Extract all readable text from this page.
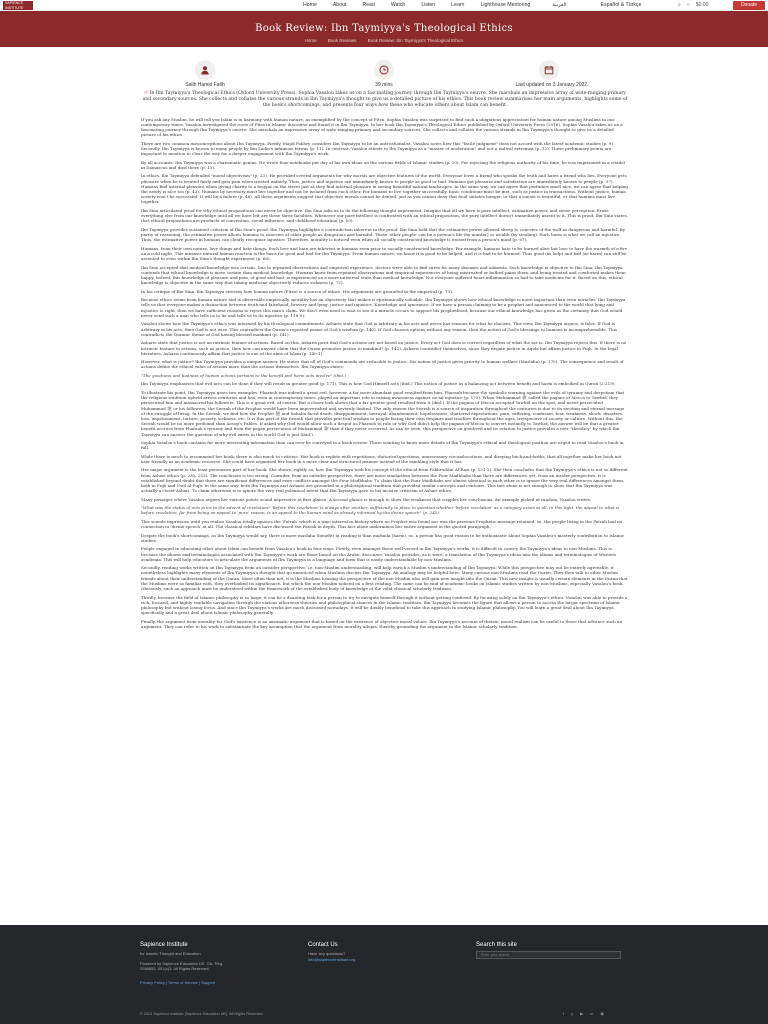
SAPIENCE
INSTITUTE	Home	About	Read	Watch	Listen	Learn	Lighthouse Mentoring	العربية	Español & Türkçe	⌕ ○ $0.00	Donate
Book Review: Ibn Taymiyya's Theological Ethics
Home	Book Reviews	Book Review: Ibn Taymiyya's Theological Ethics
Salih Hamid Fatih	39 mins	Last updated on 3 January 2022.

☉ In Ibn Taymiyya's Theological Ethics (Oxford University Press), Sophia Vasalou takes us on a fascinating journey through Ibn Taymiyya's oeuvre. She marshals an impressive array of wide-ranging primary and secondary sources. She collects and collates the various strands in Ibn Taymiyya's thought to give us a detailed picture of his ethics. This book review summarises her main arguments, highlights some of the book's shortcomings, and presents four ways how these who educate others about Islam can benefit.

If you ask any Muslim, he will tell you Islam is in harmony with human nature, as exemplified by the concept of Fitra. Sophia Vasalou was surprised to find such a ubiquitous appreciation for human nature among Muslims in our contemporary times. Vasalou investigated the roots of Fitra in Islamic discourse and found it in Ibn Taymiyya. In her book Ibn Taymiyya's Theological Ethics published by Oxford University Press (2016), Sophia Vasalou takes us on a fascinating journey through Ibn Taymiyya's oeuvre. She marshals an impressive array of wide-ranging primary and secondary sources. She collects and collates the various strands in Ibn Taymiyya's thought to give us a detailed picture of his ethics.

There are two common misconceptions about Ibn Taymiyya. Firstly, Majid Fakhry considers Ibn Taymiyya to be an anti-rationalist. Vasalou notes how this "facile judgment" does not accord with the latest academic studies (p. 9). Secondly, Ibn Taymiyya is known to many people by Bin Ladin's infamous fatwas (p. 11). In contrast, Vasalou attests to Ibn Taymiyya as a "master of moderation" and not a radical extremist (p. 12). These preliminary points are important to mention to clear the way for a deeper engagement with Ibn Taymiyya's work.

By all accounts, Ibn Taymiyya was a charismatic genius. He wrote four notebooks per day of his own ideas on the various fields of Islamic studies (p. 10). For rejecting the religious authority of his time, he was imprisoned in a citadel in Damascus and died there (p. 11).

In ethics, Ibn Taymiyya defended "moral objectivism" (p. 23). He provided several arguments for why morals are objective features of the world. Everyone loves a friend who speaks the truth and hates a friend who lies. Everyone gets pleasure when he is treated fairly and gets pain when treated unfairly. Thus, justice and injustice are immediately known to people as good or bad. Humans get pleasure and satisfaction are immediately known to people (p. 37). Humans find internal pleasure when giving charity to a beggar on the street just as they find internal pleasure in seeing beautiful natural landscapes. In the same way, we can agree that perfumes smell nice, we can agree that helping the needy is nice too (p. 43). Humans by necessity must live together and not be isolated from each other. For humans to live together successfully, basic conditions must be met, such as justice in transactions. Without justice, human society won't be successful. It will be a failure (p. 46). All these arguments suggest that objective morals cannot be denied, just as you cannot deny that food satiates hunger, or that a sunset is beautiful, or that humans must live together.

Ibn Sina articulated proof for why ethical propositions can never be objective. Ibn Sina asks us to do the following thought experiment. Imagine that all we have is pure intellect, estimative power, and sense perception. Erase everything else from our knowledge until all we have left are these three faculties. Whenever our pure intellect is confronted with an ethical proposition, the pure intellect doesn't immediately assent to it. This is proof, Ibn Sina states, that ethical propositions are products of convention, social influence, and childhood education (p. 59).

Ibn Taymiyya provides sustained criticism of Ibn Sina's proof. Ibn Taymiyya highlights a contradiction inherent in the proof. Ibn Sina held that the estimative power allowed sheep to conceive of the wolf as dangerous and harmful. By parity of reasoning, the estimative power allows humans to conceive of other people as dangerous and harmful. These 'other people' can be a person's life (by murder) or wealth (by stealing). Such harm is what we call an injustice. Thus, the estimative power in humans can clearly recognise injustice. Therefore, morality is noticed even when all socially constructed knowledge is erased from a person's mind (p. 67).

Humans, from their own nature, love things and hate things. Such love and hate are inherent in humans even prior to socially constructed knowledge. For example, humans hate to be burned alive but love to have the warmth of a fire on a cold night. This intrinsic natural human reaction is the basis for good and bad for Ibn Taymiyya. From human nature, we know it is good to be helped, and it is bad to be harmed. Thus good (as help) and bad (as harm) can still be assented to even within Ibn Sina's thought experiment (p. 68).

Ibn Sina accepted that medical knowledge was certain. Due to repeated observations and empirical experience, doctors were able to find cures for many diseases and ailments. Such knowledge is objective to Ibn Sina. Ibn Taymiyya contends that ethical knowledge is more certain than medical knowledge. Humans know from repeated observations and empirical experiences of being mistreated or bullied pains them, and being treated and comforted makes them happy. Indeed, this knowledge of pleasure and pain, of good and bad, is experienced on a more universal scale than medical knowledge. Not everyone suffered heart inflammation so had to take medicine for it. Based on this, ethical knowledge is objective in the same way that taking medicine objectively reduces sickness (p. 72).

In his critique of Ibn Sina, Ibn Taymiyya stresses how human nature (Fitra) is a source of ethics. His arguments are grounded in the empirical (p. 73).

Because ethics stems from human nature and is observable empirically, morality has an objectivity that makes it epistemically valuable. Ibn Taymiyya shows how ethical knowledge is more important than even miracles. Ibn Taymiyya tells us that everyone makes a distinction between truth and falsehood, bravery and lying, justice and injustice. Knowledge and ignorance. If we have a person claiming to be a prophet and announced to the world that lying and injustice is right, then we have sufficient reasons to reject this man's claim. We don't even need to wait to see if a miracle occurs to support his prophethood, because our ethical knowledge has given us the certainty that God would never send such a man who tells us to lie and tells us to do injustice (p. 118-9).

Vasalou shows how Ibn Taymiyya's ethics was informed by his theological commitments. Asharis state that God is arbitrary in his acts and never has reasons for what he chooses. This view, Ibn Taymiyya argues, is false. If God is arbitrary in his acts, then God is not wise. This contradicts the Quran's repeated praise of God's wisdom (p. 140). If God chooses options without any reason, then the notion of God's blessings to humans is incomprehensible. This contradicts the Quranic theme of God having blessed mankind (p. 141).

Asharis state that justice is not an intrinsic feature of actions. Based on this, Asharis posit that God's actions are not based on justice. Every act God does is correct regardless of what the act is. Ibn Taymiyya rejects this. If there is no intrinsic feature to actions, such as justice, then how can anyone claim that the Quran promotes justice to mankind? (p. 142). Asharis contradict themselves, since they negate justice in Aqida but affirm justice in Fiqh. In the legal literature, Asharis continuously affirm that justice is one of the aims of Islam (p. 140-1).

However, what is justice? Ibn Taymiyya provides a unique answer. He states that all of God's commands are reducible to justice. His notion of justice gives priority to human welfare (Maslaha) (p. 170). The consequence and result of actions define the ethical value of actions more than the actions themselves. Ibn Taymiyya states:

"The goodness and badness of human actions pertains to the benefit and harm acts involve" (ibid.)

Ibn Taymiyya emphasises that evil acts can be done if they will result in greater good (p. 171). This is how God Himself acts (ibid.) This notion of justice as a balancing act between benefit and harm is embodied in Quran (2:219).

To illustrate his point, Ibn Taymiyya gives two examples. Pharaoh was indeed a great evil, however, a far more abundant good resulted from him. Pharaoh became the symbolic warning against the evils of tyranny and despotism that the religious tradition upheld across centuries and has, even in contemporary times, played an important role in raising awareness against social injustice (p. 172). When Muhammad ﷺ called the pagans of Mecca to Tawhid, they persecuted him and massacred his followers. This is a great evil, of course. But a closer look shows that a far greater good resulted from it (ibid.). If the pagans of Mecca accepted Tawhid on the spot, and never persecuted Muhammad ﷺ or his followers, the Seerah of the Prophet would have been impoverished and severely limited. The only reason the Seerah is a source of inspiration throughout the centuries is due to its exciting and eternal message of the struggle of living. In the Seerah, we find how the Prophet ﷺ and Sahaba faced death, disappointment, betrayal, abandonment, hopelessness, shattered expectations, pain, suffering, confusion, fear, weakness, shock, disasters, loss, imprisonment, torture, poverty, sickness, etc. It is this part of the Seerah that provides practical wisdom to people facing their own despairs and troubles throughout the ages, irrespective of society or culture. Without this, the Seerah would be no more profound than Aesop's Fables. If asked why God would allow such a despot as Pharaoh to rule or why God didn't help the pagans of Mecca to convert instantly to Tawhid, the answer will be that a greater benefit accrues from Pharaoh's tyranny and from the pagan persecution of Muhammad ﷺ than if they never occurred. As can be seen, this perspective on good/evil and its relation to justice provides a new "theodicy" by which Ibn Taymiyya can answer the question of why evil exists in the world God is just (ibid.).

Sophia Vasalou's book contains far more interesting information than can ever be conveyed in a book review. Those wanting to know more details of Ibn Taymiyya's ethical and theological position are urged to read Vasalou's book in full.

While there is much to recommend her book, there is also much to criticise. Her book is replete with repetitions, rhetorical questions, unnecessary circumlocutions, and dizzying back-and-forths, that all together make her book not user friendly as an academic resource. She could have organised her book in a more clear and structured manner instead of the rambling style that it has.

Her major argument is the least persuasive part of her book. She shows, rightly so, how Ibn Taymiyya took his concept of the ethical from Fakhruddin Al-Razi (p. 121-2). She then concludes that Ibn Taymiyya's ethics is not so different from Ashari ethics (p. 230, 253). The conclusion is too strong. Consider, from an outsider perspective, there are more similarities between the Four Madhhabs than there are differences, yet, from an insider perspective, it is established beyond doubt that there are significant differences and even conflicts amongst the Four Madhhabs. To claim that the Four Madhhabs are almost identical to each other is to ignore the very real differences amongst them, both in Fiqh and Usul al-Fiqh. In the same way, both Ibn Taymiyya and Asharis are grounded in a philosophical tradition that provided similar concepts and contours. This fact alone is not enough to show that Ibn Taymiyya was actually a closet-Ashari. To claim otherwise is to ignore the very real polemical intent that Ibn Taymiyya gave to his incisive criticism of Ashari ethics.

Many passages where Vasalou argues her various points sound impressive at first glance. A second glance is enough to show the weakness that cripples her conclusions. An example picked at random, Vasalou writes:

"What was the status of acts prior to the advent of revelation? 'Before this revelation' is always after another, sufficiently to place in question whether 'before revelation' as a category exists at all. In this light, the appeal to what is before revelation, far from being an appeal to 'pure' reason, is an appeal to the human mind as already informed by the divine speech" (p. 245).

This sounds impressive until you realise Vasalou totally ignores the 'Fatrah' which is a time interval in history where no Prophet was found nor was the previous Prophetic message retained, so, the people living in the Fatrah had no connection to 'divine speech' at all. The classical scholars have discussed the Fatrah in depth. This fact alone undermines her entire argument in the quoted paragraph.

Despite the book's shortcomings, as Ibn Taymiyya would say, there is more maslaha (benefit) in reading it than mafsada (harm), so, a person has good reason to be enthusiastic about Sophia Vasalou's masterly contribution to Islamic studies.

People engaged in educating other about Islam can benefit from Vasalou's book in four ways. Firstly, even amongst those well-versed in Ibn Taymiyya's works, it is difficult to convey Ibn Taymiyya's ideas to non-Muslims. This is because the idioms and terminologies associated with Ibn Taymiyya's work are those based on the Arabic discourse. Vasalou provides, as it were, a translation of Ibn Taymiyya's ideas into the idioms and terminologies of Western academia. This will help educators to articulate the arguments of Ibn Taymiyya in a language and form that is easily understandable by non-Muslims.

Secondly, reading works written on Ibn Taymiyya from an outsider perspective, i.e. non-Muslim understanding, will help enrich a Muslim's understanding of Ibn Taymiyya. While this perspective may not be entirely agreeable, it nonetheless highlights many elements of Ibn Taymiyya's thought that go unnoticed when Muslims discuss Ibn Taymiyya. An analogy may be helpful here. Many curious non-Muslims read the Quran. They then talk to other Muslim friends about their understanding of the Quran. More often than not, it is the Muslims hearing the perspective of the non-Muslim who will gain new insight into the Quran. This new insight is usually certain elements in the Quran that the Muslims were so familiar with, they overlooked its significance, but which the non-Muslim noticed on a first reading. The same can be said of academic books on Islamic studies written by non-Muslims, especially Vasalou's book. Obviously, such an approach must be understood within the framework of the established body of knowledge of the valid classical scholarly tradition.

Thirdly, because the field of Islamic philosophy is so large, it can be a daunting task for a person to try to navigate himself through it without getting confused. By focusing solely on Ibn Taymiyya's ethics, Vasalou was able to provide a rich, focused, and highly readable navigation through the various otherwise theories and philosophical stances in the Islamic tradition. Ibn Taymiyya becomes the figure that allows a person to access the larger spectrum of Islamic philosophy but without losing focus. And since Ibn Taymiyya's works are much discussed nowadays, it will be doubly beneficial to take this approach in studying Islamic philosophy. You will learn a great deal about Ibn Taymiyya specifically and a great deal about Islamic philosophy generally.

Finally, the argument from morality for God's existence is an axiomatic argument that is based on the existence of objective moral values. Ibn Taymiyya's account of theistic moral realism can be useful to those that advance such an argument. They can refer to his work to substantiate the key assumption that the argument from morality adopts, thereby grounding the argument in the Islamic scholarly tradition.

Sapience Institute
for Islamic Thought and Education
Powered by Sapience Education UK. Cic. Reg.
2956852. 501(c)3. All Rights Reserved.
Privacy Policy | Terms of Service | Support
Contact Us
Have any questions?
info@sapienceinstitute.org
Search this site
Enter your search
© 2024 Sapience Institute (Sapience Education UK). All Rights Reserved.	f y ▶ in ◉
